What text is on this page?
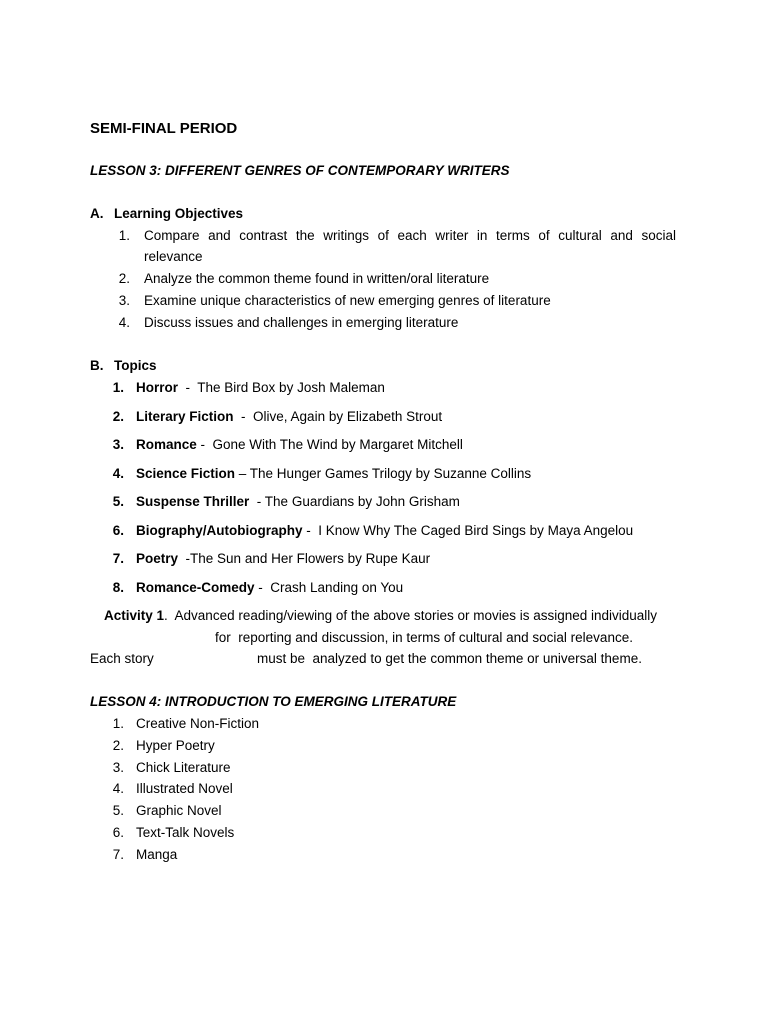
SEMI-FINAL PERIOD
LESSON 3: DIFFERENT GENRES OF CONTEMPORARY WRITERS
A. Learning Objectives
1. Compare and contrast the writings of each writer in terms of cultural and social
relevance
2. Analyze the common theme found in written/oral literature
3. Examine unique characteristics of new emerging genres of literature
4. Discuss issues and challenges in emerging literature
B. Topics
1. Horror  -  The Bird Box by Josh Maleman
2. Literary Fiction  -  Olive, Again by Elizabeth Strout
3. Romance -  Gone With The Wind by Margaret Mitchell
4. Science Fiction – The Hunger Games Trilogy by Suzanne Collins
5. Suspense Thriller  - The Guardians by John Grisham
6. Biography/Autobiography -  I Know Why The Caged Bird Sings by Maya Angelou
7. Poetry  -The Sun and Her Flowers by Rupe Kaur
8. Romance-Comedy -  Crash Landing on You
Activity 1.  Advanced reading/viewing of the above stories or movies is assigned individually
for  reporting and discussion, in terms of cultural and social relevance.
Each story	must be  analyzed to get the common theme or universal theme.
LESSON 4: INTRODUCTION TO EMERGING LITERATURE
1. Creative Non-Fiction
2. Hyper Poetry
3. Chick Literature
4. Illustrated Novel
5. Graphic Novel
6. Text-Talk Novels
7. Manga
